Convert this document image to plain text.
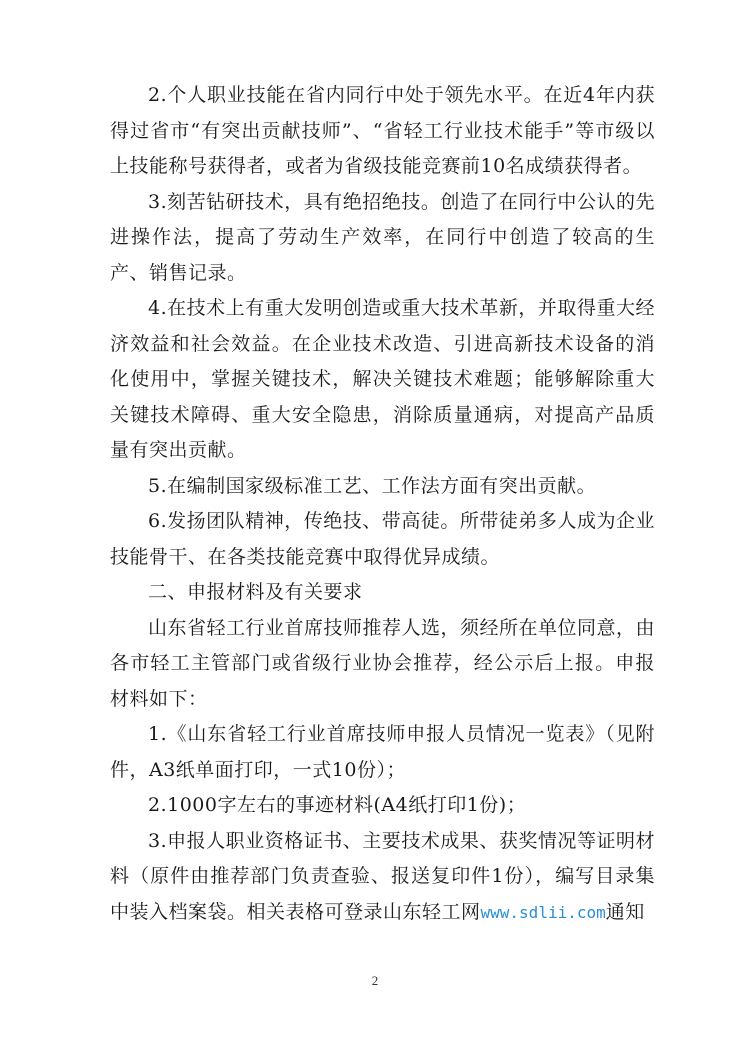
2.个人职业技能在省内同行中处于领先水平。在近4年内获得过省市“有突出贡献技师”、“省轻工行业技术能手”等市级以上技能称号获得者，或者为省级技能竞赛前10名成绩获得者。

3.刻苦钻研技术，具有绝招绝技。创造了在同行中公认的先进操作法，提高了劳动生产效率，在同行中创造了较高的生产、销售记录。

4.在技术上有重大发明创造或重大技术革新，并取得重大经济效益和社会效益。在企业技术改造、引进高新技术设备的消化使用中，掌握关键技术，解决关键技术难题；能够解除重大关键技术障碍、重大安全隐患，消除质量通病，对提高产品质量有突出贡献。

5.在编制国家级标准工艺、工作法方面有突出贡献。

6.发扬团队精神，传绝技、带高徒。所带徒弟多人成为企业技能骨干、在各类技能竞赛中取得优异成绩。

二、申报材料及有关要求

山东省轻工行业首席技师推荐人选，须经所在单位同意，由各市轻工主管部门或省级行业协会推荐，经公示后上报。申报材料如下：

1.《山东省轻工行业首席技师申报人员情况一览表》（见附件，A3纸单面打印，一式10份）；

2.1000字左右的事迹材料(A4纸打印1份)；

3.申报人职业资格证书、主要技术成果、获奖情况等证明材料（原件由推荐部门负责查验、报送复印件1份），编写目录集中装入档案袋。相关表格可登录山东轻工网www.sdlii.com通知

2
